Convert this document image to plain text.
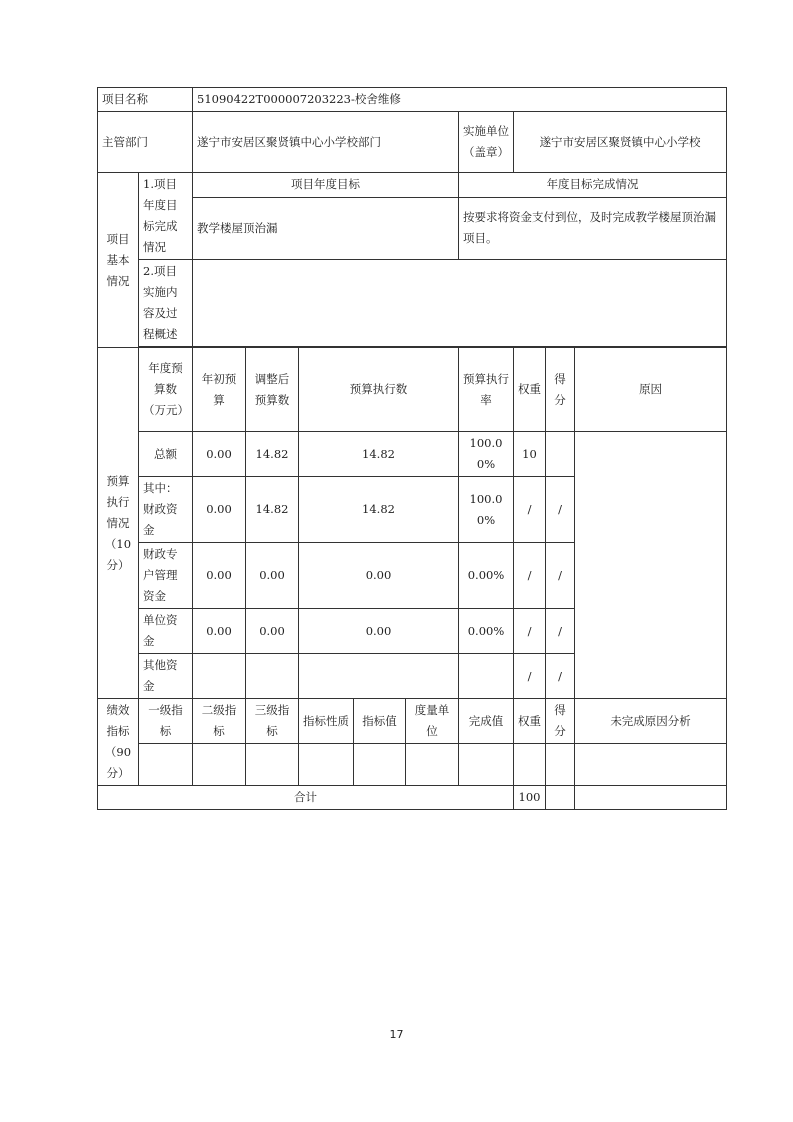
项目名称		51090422T000007203223-校舍维修								
主管部门		遂宁市安居区聚贤镇中心小学校部门					实施单位（盖章）	遂宁市安居区聚贤镇中心小学校		
项目基本情况	1.项目年度目标完成情况	项目年度目标					年度目标完成情况			
		教学楼屋顶治漏					按要求将资金支付到位，及时完成教学楼屋顶治漏项目。			
	2.项目实施内容及过程概述									

预算执行情况（10分）	年度预算数（万元）	年初预算	调整后预算数	预算执行数			预算执行率	权重	得分	原因
	总额	0.00	14.82	14.82			100.00%	10		
	其中：财政资金	0.00	14.82	14.82			100.00%	/	/	
	财政专户管理资金	0.00	0.00	0.00			0.00%	/	/	
	单位资金	0.00	0.00	0.00			0.00%	/	/	
	其他资金							/	/	
绩效指标（90分）	一级指标	二级指标	三级指标	指标性质	指标值	度量单位	完成值	权重	得分	未完成原因分析

合计								100		
17
